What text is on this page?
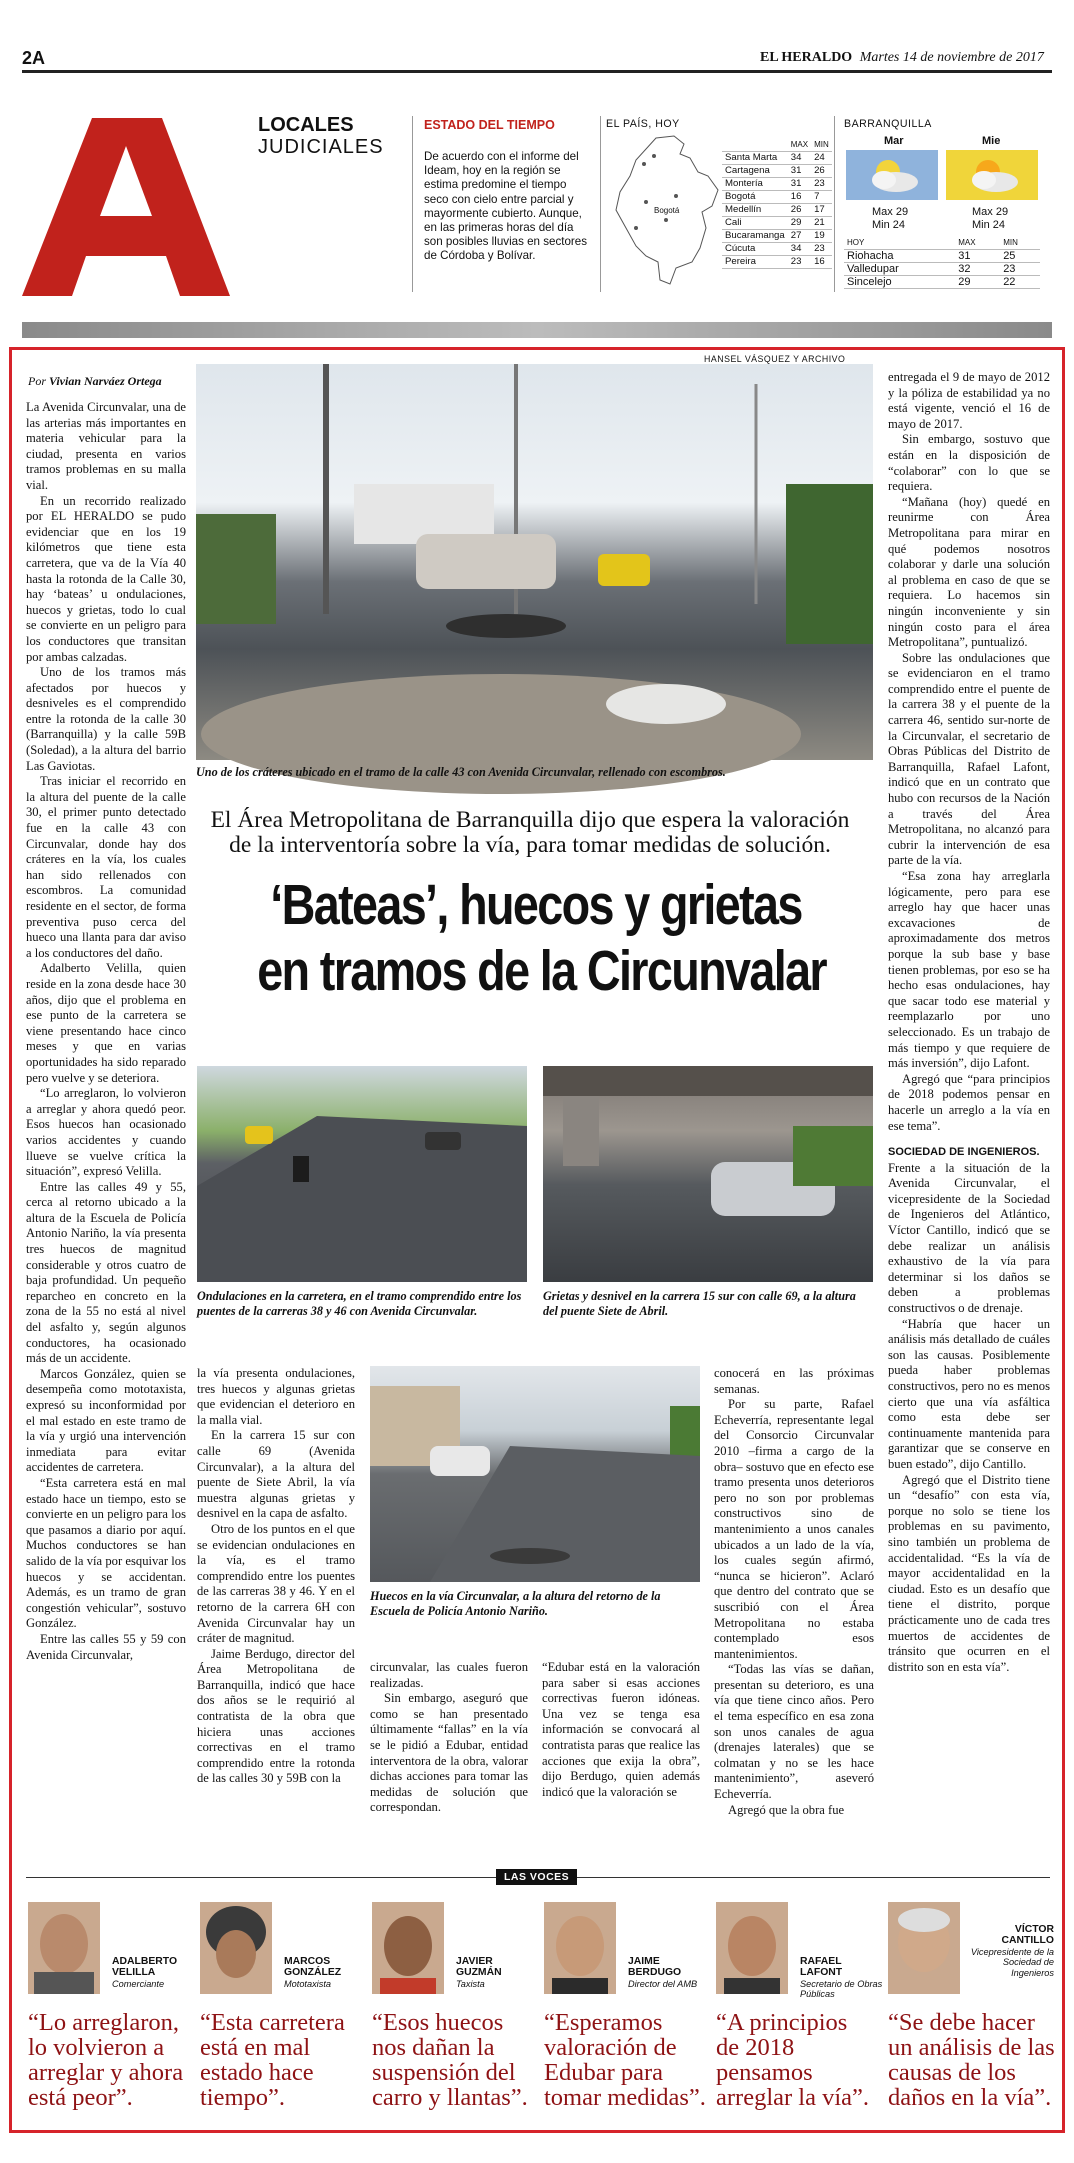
2A	EL HERALDO Martes 14 de noviembre de 2017
LOCALES
JUDICIALES
ESTADO DEL TIEMPO
De acuerdo con el informe del Ideam, hoy en la región se estima predomine el tiempo seco con cielo entre parcial y mayormente cubierto. Aunque, en las primeras horas del día son posibles lluvias en sectores de Córdoba y Bolívar.
EL PAÍS, HOY
Bogotá
	MAX	MIN
Santa Marta	34	24
Cartagena	31	26
Montería	31	23
Bogotá	16	7
Medellín	26	17
Cali	29	21
Bucaramanga	27	19
Cúcuta	34	23
Pereira	23	16
BARRANQUILLA
Mar	Mie
Max 29
Min 24
Max 29
Min 24
HOY	MAX	MIN
Riohacha	31	25
Valledupar	32	23
Sincelejo	29	22
Por Vivian Narváez Ortega

La Avenida Circunvalar, una de las arterias más importantes en materia vehicular para la ciudad, presenta en varios tramos problemas en su malla vial.

En un recorrido realizado por EL HERALDO se pudo evidenciar que en los 19 kilómetros que tiene esta carretera, que va de la Vía 40 hasta la rotonda de la Calle 30, hay ‘bateas’ u ondulaciones, huecos y grietas, todo lo cual se convierte en un peligro para los conductores que transitan por ambas calzadas.

Uno de los tramos más afectados por huecos y desniveles es el comprendido entre la rotonda de la calle 30 (Barranquilla) y la calle 59B (Soledad), a la altura del barrio Las Gaviotas.

Tras iniciar el recorrido en la altura del puente de la calle 30, el primer punto detectado fue en la calle 43 con Circunvalar, donde hay dos cráteres en la vía, los cuales han sido rellenados con escombros. La comunidad residente en el sector, de forma preventiva puso cerca del hueco una llanta para dar aviso a los conductores del daño.

Adalberto Velilla, quien reside en la zona desde hace 30 años, dijo que el problema en ese punto de la carretera se viene presentando hace cinco meses y que en varias oportunidades ha sido reparado pero vuelve y se deteriora.

“Lo arreglaron, lo volvieron a arreglar y ahora quedó peor. Esos huecos han ocasionado varios accidentes y cuando llueve se vuelve crítica la situación”, expresó Velilla.

Entre las calles 49 y 55, cerca al retorno ubicado a la altura de la Escuela de Policía Antonio Nariño, la vía presenta tres huecos de magnitud considerable y otros cuatro de baja profundidad. Un pequeño reparcheo en concreto en la zona de la 55 no está al nivel del asfalto y, según algunos conductores, ha ocasionado más de un accidente.

Marcos González, quien se desempeña como mototaxista, expresó su inconformidad por el mal estado en este tramo de la vía y urgió una intervención inmediata para evitar accidentes de carretera.

“Esta carretera está en mal estado hace un tiempo, esto se convierte en un peligro para los que pasamos a diario por aquí. Muchos conductores se han salido de la vía por esquivar los huecos y se accidentan. Además, es un tramo de gran congestión vehicular”, sostuvo González.

Entre las calles 55 y 59 con Avenida Circunvalar,

HANSEL VÁSQUEZ Y ARCHIVO
Uno de los cráteres ubicado en el tramo de la calle 43 con Avenida Circunvalar, rellenado con escombros.
El Área Metropolitana de Barranquilla dijo que espera la valoración de la interventoría sobre la vía, para tomar medidas de solución.
‘Bateas’, huecos y grietas
en tramos de la Circunvalar
Ondulaciones en la carretera, en el tramo comprendido entre los puentes de la carreras 38 y 46 con Avenida Circunvalar.
Grietas y desnivel en la carrera 15 sur con calle 69, a la altura del puente Siete de Abril.

la vía presenta ondulaciones, tres huecos y algunas grietas que evidencian el deterioro en la malla vial.

En la carrera 15 sur con calle 69 (Avenida Circunvalar), a la altura del puente de Siete Abril, la vía muestra algunas grietas y desnivel en la capa de asfalto.

Otro de los puntos en el que se evidencian ondulaciones en la vía, es el tramo comprendido entre los puentes de las carreras 38 y 46. Y en el retorno de la carrera 6H con Avenida Circunvalar hay un cráter de magnitud.

Jaime Berdugo, director del Área Metropolitana de Barranquilla, indicó que hace dos años se le requirió al contratista de la obra que hiciera unas acciones correctivas en el tramo comprendido entre la rotonda de las calles 30 y 59B con la

Huecos en la vía Circunvalar, a la altura del retorno de la Escuela de Policía Antonio Nariño.

circunvalar, las cuales fueron realizadas.

Sin embargo, aseguró que como se han presentado últimamente “fallas” en la vía se le pidió a Edubar, entidad interventora de la obra, valorar dichas acciones para tomar las medidas de solución que correspondan.

“Edubar está en la valoración para saber si esas acciones correctivas fueron idóneas. Una vez se tenga esa información se convocará al contratista paras que realice las acciones que exija la obra”, dijo Berdugo, quien además indicó que la valoración se

conocerá en las próximas semanas.

Por su parte, Rafael Echeverría, representante legal del Consorcio Circunvalar 2010 –firma a cargo de la obra– sostuvo que en efecto ese tramo presenta unos deterioros pero no son por problemas constructivos sino de mantenimiento a unos canales ubicados a un lado de la vía, los cuales según afirmó, “nunca se hicieron”. Aclaró que dentro del contrato que se suscribió con el Área Metropolitana no estaba contemplado esos mantenimientos.

“Todas las vías se dañan, presentan su deterioro, es una vía que tiene cinco años. Pero el tema específico en esa zona son unos canales de agua (drenajes laterales) que se colmatan y no se les hace mantenimiento”, aseveró Echeverría.

Agregó que la obra fue

entregada el 9 de mayo de 2012 y la póliza de estabilidad ya no está vigente, venció el 16 de mayo de 2017.

Sin embargo, sostuvo que están en la disposición de “colaborar” con lo que se requiera.

“Mañana (hoy) quedé en reunirme con Área Metropolitana para mirar en qué podemos nosotros colaborar y darle una solución al problema en caso de que se requiera. Lo hacemos sin ningún inconveniente y sin ningún costo para el área Metropolitana”, puntualizó.

Sobre las ondulaciones que se evidenciaron en el tramo comprendido entre el puente de la carrera 38 y el puente de la carrera 46, sentido sur-norte de la Circunvalar, el secretario de Obras Públicas del Distrito de Barranquilla, Rafael Lafont, indicó que en un contrato que hubo con recursos de la Nación a través del Área Metropolitana, no alcanzó para cubrir la intervención de esa parte de la vía.

“Esa zona hay arreglarla lógicamente, pero para ese arreglo hay que hacer unas excavaciones de aproximadamente dos metros porque la sub base y base tienen problemas, por eso se ha hecho esas ondulaciones, hay que sacar todo ese material y reemplazarlo por uno seleccionado. Es un trabajo de más tiempo y que requiere de más inversión”, dijo Lafont.

Agregó que “para principios de 2018 podemos pensar en hacerle un arreglo a la vía en ese tema”.

SOCIEDAD DE INGENIEROS.

Frente a la situación de la Avenida Circunvalar, el vicepresidente de la Sociedad de Ingenieros del Atlántico, Víctor Cantillo, indicó que se debe realizar un análisis exhaustivo de la vía para determinar si los daños se deben a problemas constructivos o de drenaje.

“Habría que hacer un análisis más detallado de cuáles son las causas. Posiblemente pueda haber problemas constructivos, pero no es menos cierto que una vía asfáltica como esta debe ser continuamente mantenida para garantizar que se conserve en buen estado”, dijo Cantillo.

Agregó que el Distrito tiene un “desafío” con esta vía, porque no solo se tiene los problemas en su pavimento, sino también un problema de accidentalidad. “Es la vía de mayor accidentalidad en la ciudad. Esto es un desafío que tiene el distrito, porque prácticamente uno de cada tres muertos de accidentes de tránsito que ocurren en el distrito son en esta vía”.

LAS VOCES
ADALBERTO
VELILLA
Comerciante
“Lo arreglaron, lo volvieron a arreglar y ahora está peor”.
MARCOS
GONZÁLEZ
Mototaxista
“Esta carretera está en mal estado hace tiempo”.
JAVIER
GUZMÁN
Taxista
“Esos huecos nos dañan la suspensión del carro y llantas”.
JAIME
BERDUGO
Director del AMB
“Esperamos valoración de Edubar para tomar medidas”.
RAFAEL
LAFONT
Secretario de Obras Públicas
“A principios de 2018 pensamos arreglar la vía”.
VÍCTOR
CANTILLO
Vicepresidente de la Sociedad de Ingenieros
“Se debe hacer un análisis de las causas de los daños en la vía”.
